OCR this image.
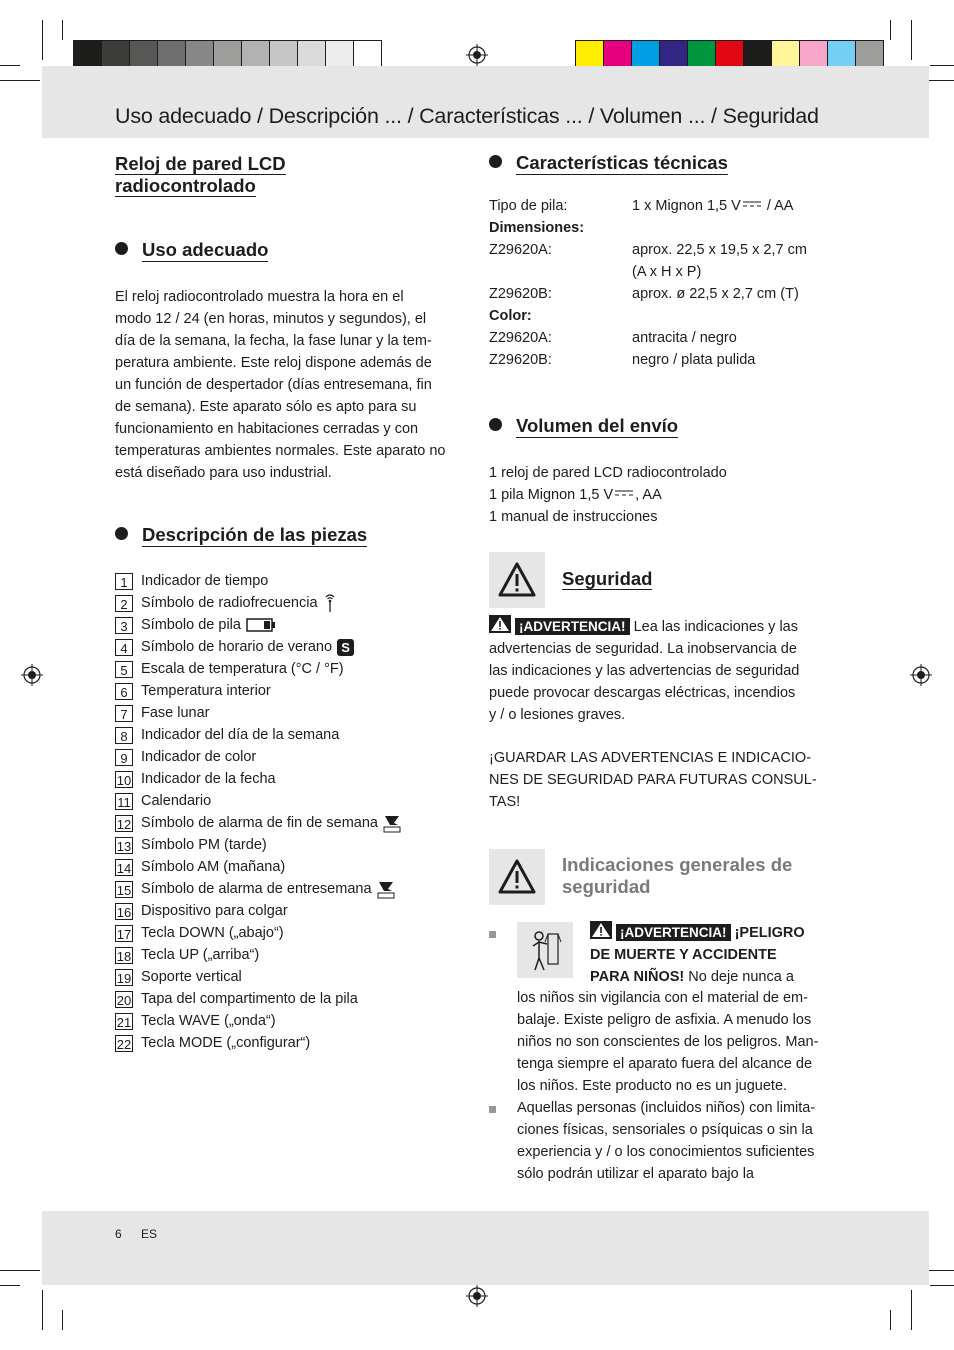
Uso adecuado / Descripción ... / Características ... / Volumen ... / Seguridad
Reloj de pared LCD
radiocontrolado
Uso adecuado
El reloj radiocontrolado muestra la hora en el
modo 12 / 24 (en horas, minutos y segundos), el
día de la semana, la fecha, la fase lunar y la tem-
peratura ambiente. Este reloj dispone además de
un función de despertador (días entresemana, fin
de semana). Este aparato sólo es apto para su
funcionamiento en habitaciones cerradas y con
temperaturas ambientes normales. Este aparato no
está diseñado para uso industrial.
Descripción de las piezas
1 Indicador de tiempo
2 Símbolo de radiofrecuencia
3 Símbolo de pila
4 Símbolo de horario de verano S
5 Escala de temperatura (°C / °F)
6 Temperatura interior
7 Fase lunar
8 Indicador del día de la semana
9 Indicador de color
10 Indicador de la fecha
11 Calendario
12 Símbolo de alarma de fin de semana
13 Símbolo PM (tarde)
14 Símbolo AM (mañana)
15 Símbolo de alarma de entresemana
16 Dispositivo para colgar
17 Tecla DOWN („abajo“)
18 Tecla UP („arriba“)
19 Soporte vertical
20 Tapa del compartimento de la pila
21 Tecla WAVE („onda“)
22 Tecla MODE („configurar“)
Características técnicas
Tipo de pila:	1 x Mignon 1,5 V / AA
Dimensiones:
Z29620A:	aprox. 22,5 x 19,5 x 2,7 cm
(A x H x P)
Z29620B:	aprox. ø 22,5 x 2,7 cm (T)
Color:
Z29620A:	antracita / negro
Z29620B:	negro / plata pulida
Volumen del envío
1 reloj de pared LCD radiocontrolado
1 pila Mignon 1,5 V , AA
1 manual de instrucciones
Seguridad
¡ADVERTENCIA! Lea las indicaciones y las
advertencias de seguridad. La inobservancia de
las indicaciones y las advertencias de seguridad
puede provocar descargas eléctricas, incendios
y / o lesiones graves.
¡GUARDAR LAS ADVERTENCIAS E INDICACIO-
NES DE SEGURIDAD PARA FUTURAS CONSUL-
TAS!
Indicaciones generales de
seguridad
¡ADVERTENCIA! ¡PELIGRO
DE MUERTE Y ACCIDENTE
PARA NIÑOS! No deje nunca a
los niños sin vigilancia con el material de em-
balaje. Existe peligro de asfixia. A menudo los
niños no son conscientes de los peligros. Man-
tenga siempre el aparato fuera del alcance de
los niños. Este producto no es un juguete.
Aquellas personas (incluidos niños) con limita-
ciones físicas, sensoriales o psíquicas o sin la
experiencia y / o los conocimientos suficientes
sólo podrán utilizar el aparato bajo la
6 ES
